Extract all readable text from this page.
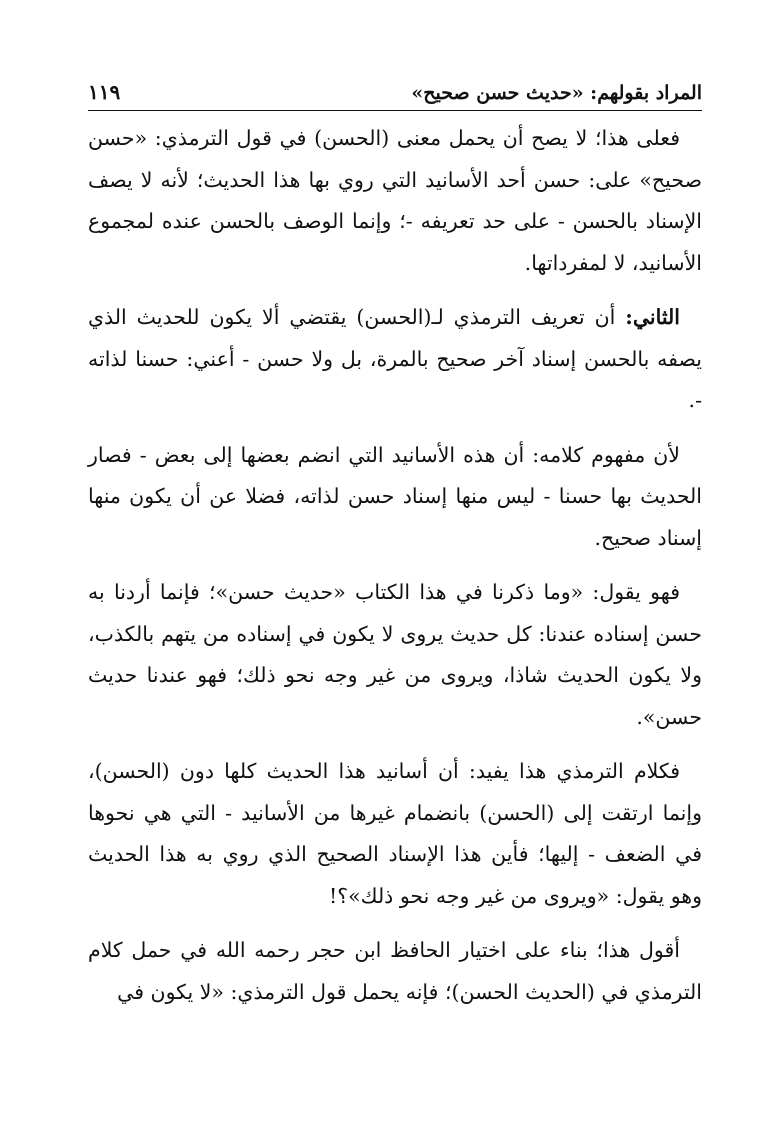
المراد بقولهم: «حديث حسن صحيح»
١١٩

فعلى هذا؛ لا يصح أن يحمل معنى (الحسن) في قول الترمذي: «حسن صحيح» على: حسن أحد الأسانيد التي روي بها هذا الحديث؛ لأنه لا يصف الإسناد بالحسن - على حد تعريفه -؛ وإنما الوصف بالحسن عنده لمجموع الأسانيد، لا لمفرداتها.

الثاني: أن تعريف الترمذي لـ(الحسن) يقتضي ألا يكون للحديث الذي يصفه بالحسن إسناد آخر صحيح بالمرة، بل ولا حسن - أعني: حسنا لذاته -.

لأن مفهوم كلامه: أن هذه الأسانيد التي انضم بعضها إلى بعض - فصار الحديث بها حسنا - ليس منها إسناد حسن لذاته، فضلا عن أن يكون منها إسناد صحيح.

فهو يقول: «وما ذكرنا في هذا الكتاب «حديث حسن»؛ فإنما أردنا به حسن إسناده عندنا: كل حديث يروى لا يكون في إسناده من يتهم بالكذب، ولا يكون الحديث شاذا، ويروى من غير وجه نحو ذلك؛ فهو عندنا حديث حسن».

فكلام الترمذي هذا يفيد: أن أسانيد هذا الحديث كلها دون (الحسن)، وإنما ارتقت إلى (الحسن) بانضمام غيرها من الأسانيد - التي هي نحوها في الضعف - إليها؛ فأين هذا الإسناد الصحيح الذي روي به هذا الحديث وهو يقول: «ويروى من غير وجه نحو ذلك»؟!

أقول هذا؛ بناء على اختيار الحافظ ابن حجر رحمه الله في حمل كلام الترمذي في (الحديث الحسن)؛ فإنه يحمل قول الترمذي: «لا يكون في
